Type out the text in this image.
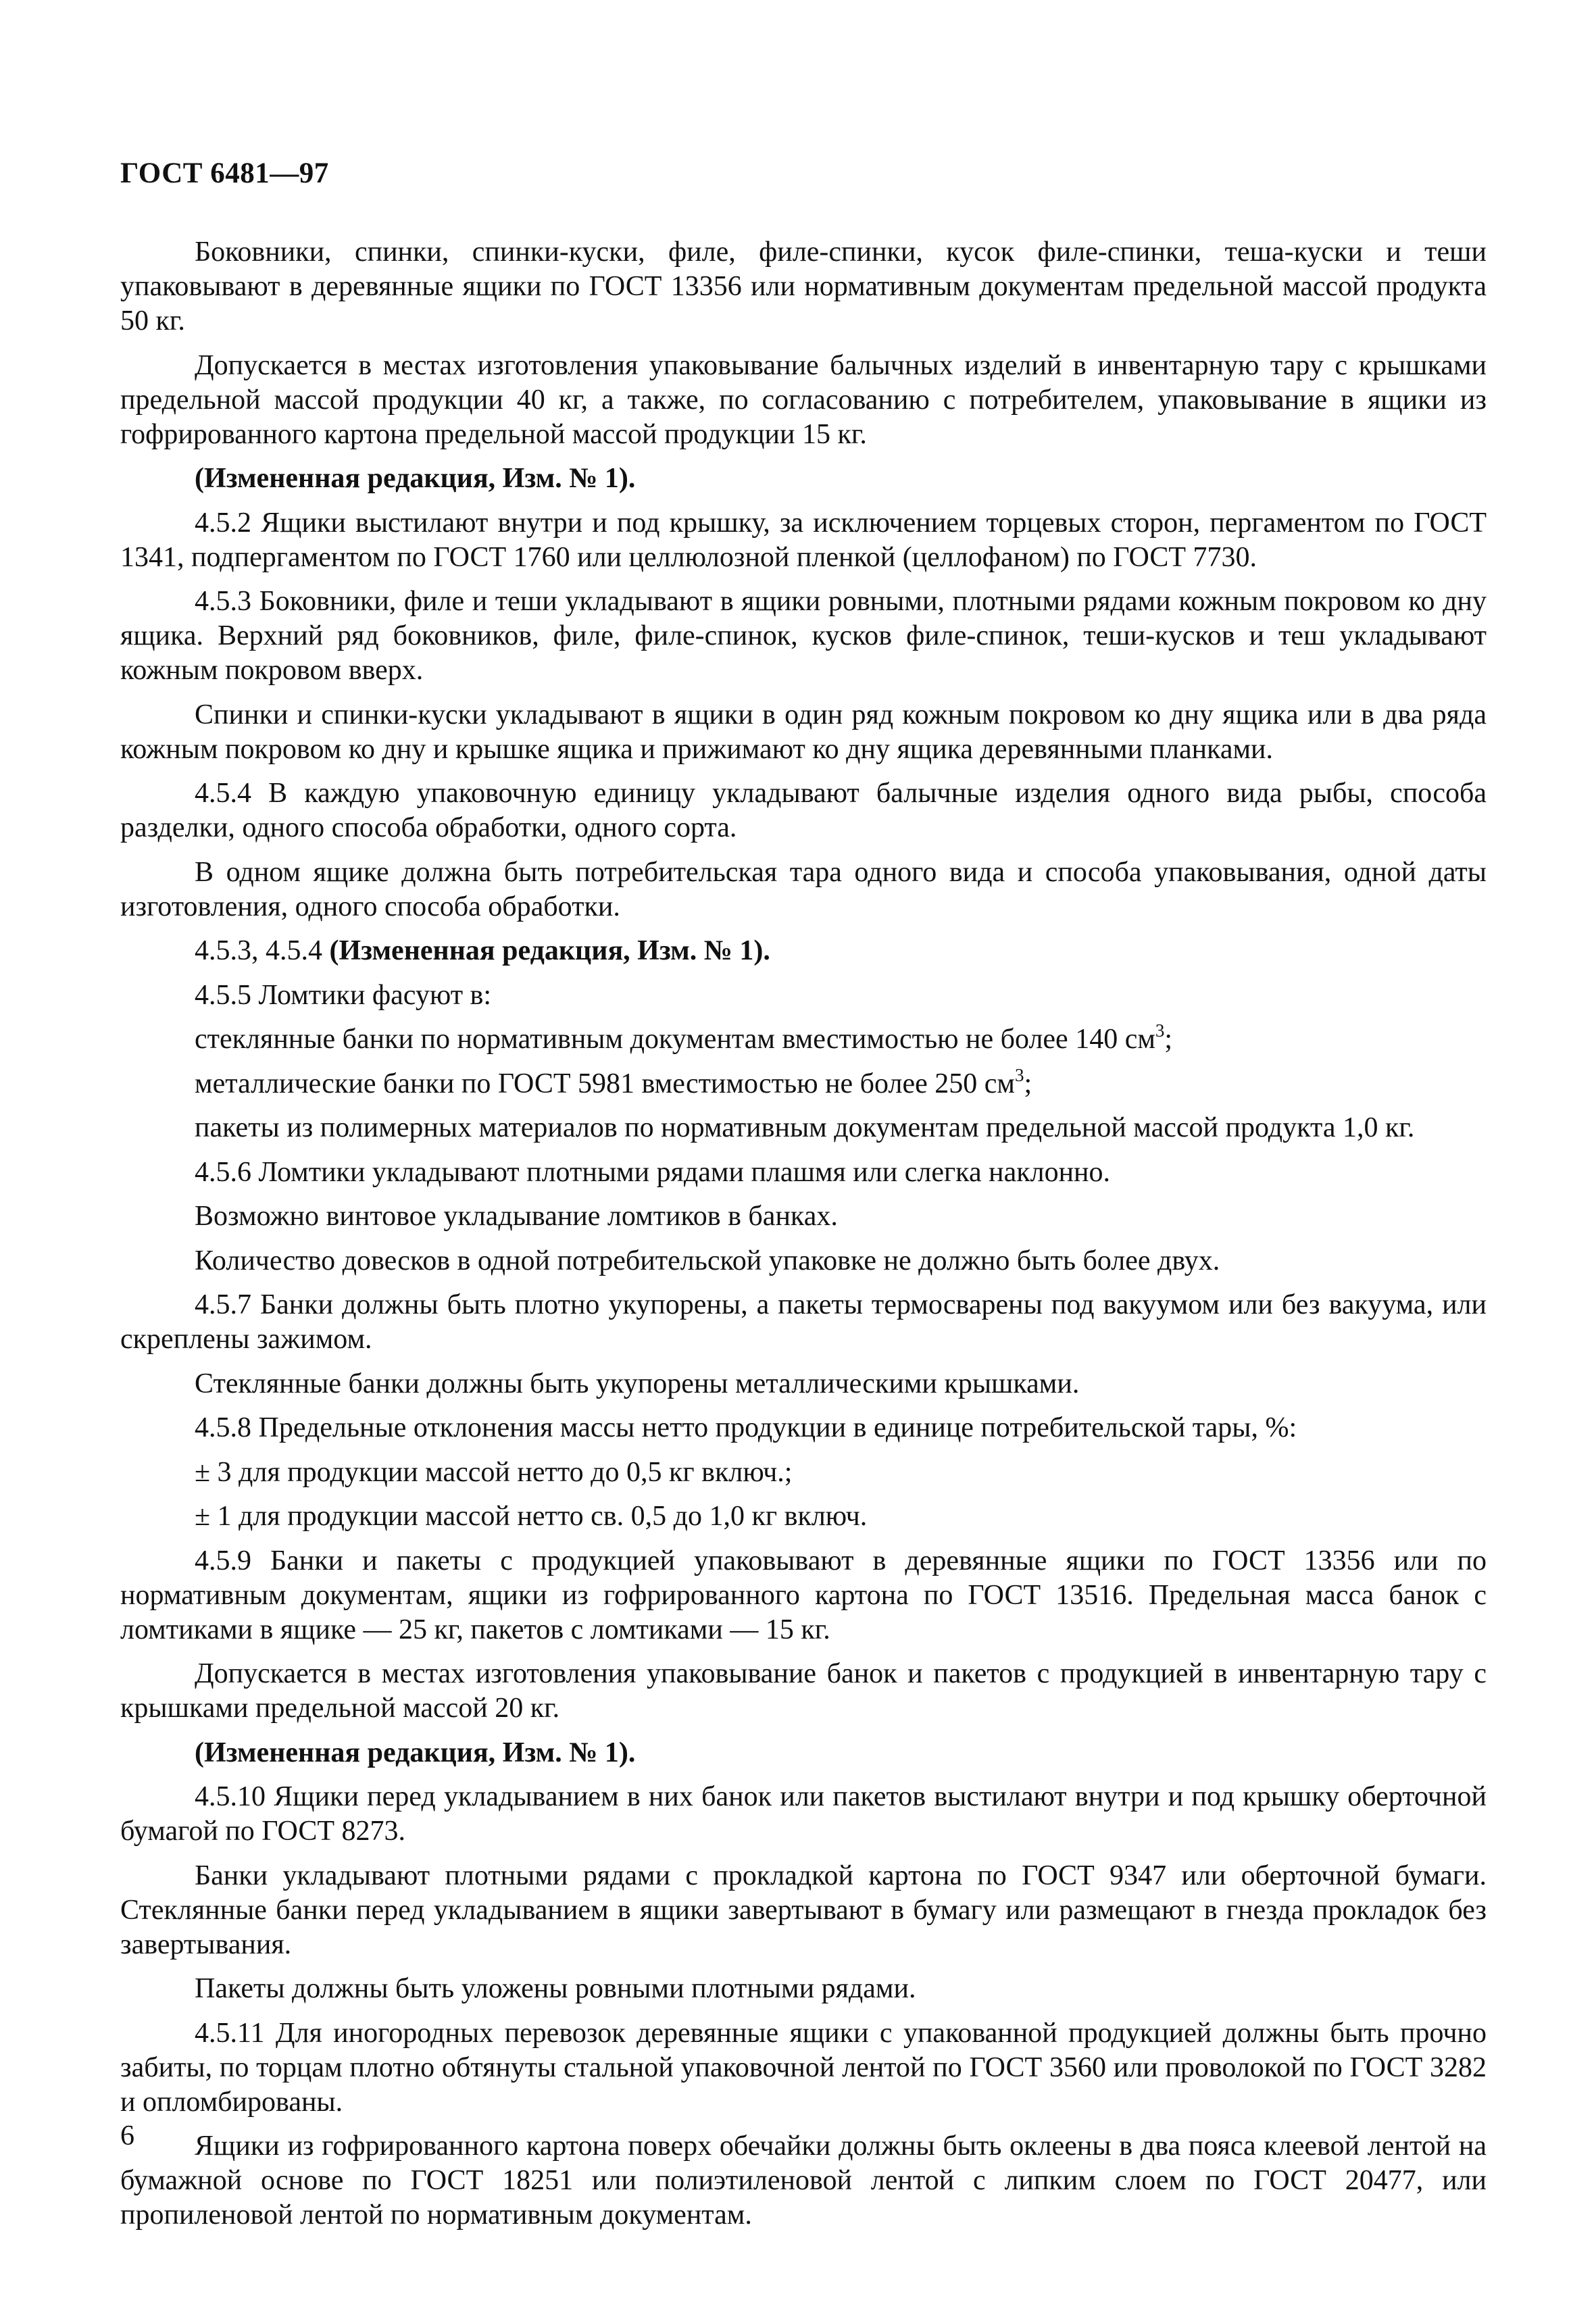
ГОСТ 6481—97

Боковники, спинки, спинки-куски, филе, филе-спинки, кусок филе-спинки, теша-куски и теши упаковывают в деревянные ящики по ГОСТ 13356 или нормативным документам предельной массой продукта 50 кг.

Допускается в местах изготовления упаковывание балычных изделий в инвентарную тару с крышками предельной массой продукции 40 кг, а также, по согласованию с потребителем, упаковывание в ящики из гофрированного картона предельной массой продукции 15 кг.

(Измененная редакция, Изм. № 1).

4.5.2 Ящики выстилают внутри и под крышку, за исключением торцевых сторон, пергаментом по ГОСТ 1341, подпергаментом по ГОСТ 1760 или целлюлозной пленкой (целлофаном) по ГОСТ 7730.

4.5.3 Боковники, филе и теши укладывают в ящики ровными, плотными рядами кожным покровом ко дну ящика. Верхний ряд боковников, филе, филе-спинок, кусков филе-спинок, теши-кусков и теш укладывают кожным покровом вверх.

Спинки и спинки-куски укладывают в ящики в один ряд кожным покровом ко дну ящика или в два ряда кожным покровом ко дну и крышке ящика и прижимают ко дну ящика деревянными планками.

4.5.4 В каждую упаковочную единицу укладывают балычные изделия одного вида рыбы, способа разделки, одного способа обработки, одного сорта.

В одном ящике должна быть потребительская тара одного вида и способа упаковывания, одной даты изготовления, одного способа обработки.

4.5.3, 4.5.4 (Измененная редакция, Изм. № 1).

4.5.5 Ломтики фасуют в:

стеклянные банки по нормативным документам вместимостью не более 140 $см^3$;

металлические банки по ГОСТ 5981 вместимостью не более 250 $см^3$;

пакеты из полимерных материалов по нормативным документам предельной массой продукта 1,0 кг.

4.5.6 Ломтики укладывают плотными рядами плашмя или слегка наклонно.

Возможно винтовое укладывание ломтиков в банках.

Количество довесков в одной потребительской упаковке не должно быть более двух.

4.5.7 Банки должны быть плотно укупорены, а пакеты термосварены под вакуумом или без вакуума, или скреплены зажимом.

Стеклянные банки должны быть укупорены металлическими крышками.

4.5.8 Предельные отклонения массы нетто продукции в единице потребительской тары, %:

± 3 для продукции массой нетто до 0,5 кг включ.;

± 1 для продукции массой нетто св. 0,5 до 1,0 кг включ.

4.5.9 Банки и пакеты с продукцией упаковывают в деревянные ящики по ГОСТ 13356 или по нормативным документам, ящики из гофрированного картона по ГОСТ 13516. Предельная масса банок с ломтиками в ящике — 25 кг, пакетов с ломтиками — 15 кг.

Допускается в местах изготовления упаковывание банок и пакетов с продукцией в инвентарную тару с крышками предельной массой 20 кг.

(Измененная редакция, Изм. № 1).

4.5.10 Ящики перед укладыванием в них банок или пакетов выстилают внутри и под крышку оберточной бумагой по ГОСТ 8273.

Банки укладывают плотными рядами с прокладкой картона по ГОСТ 9347 или оберточной бумаги. Стеклянные банки перед укладыванием в ящики завертывают в бумагу или размещают в гнезда прокладок без завертывания.

Пакеты должны быть уложены ровными плотными рядами.

4.5.11 Для иногородных перевозок деревянные ящики с упакованной продукцией должны быть прочно забиты, по торцам плотно обтянуты стальной упаковочной лентой по ГОСТ 3560 или проволокой по ГОСТ 3282 и опломбированы.

Ящики из гофрированного картона поверх обечайки должны быть оклеены в два пояса клеевой лентой на бумажной основе по ГОСТ 18251 или полиэтиленовой лентой с липким слоем по ГОСТ 20477, или пропиленовой лентой по нормативным документам.

6
